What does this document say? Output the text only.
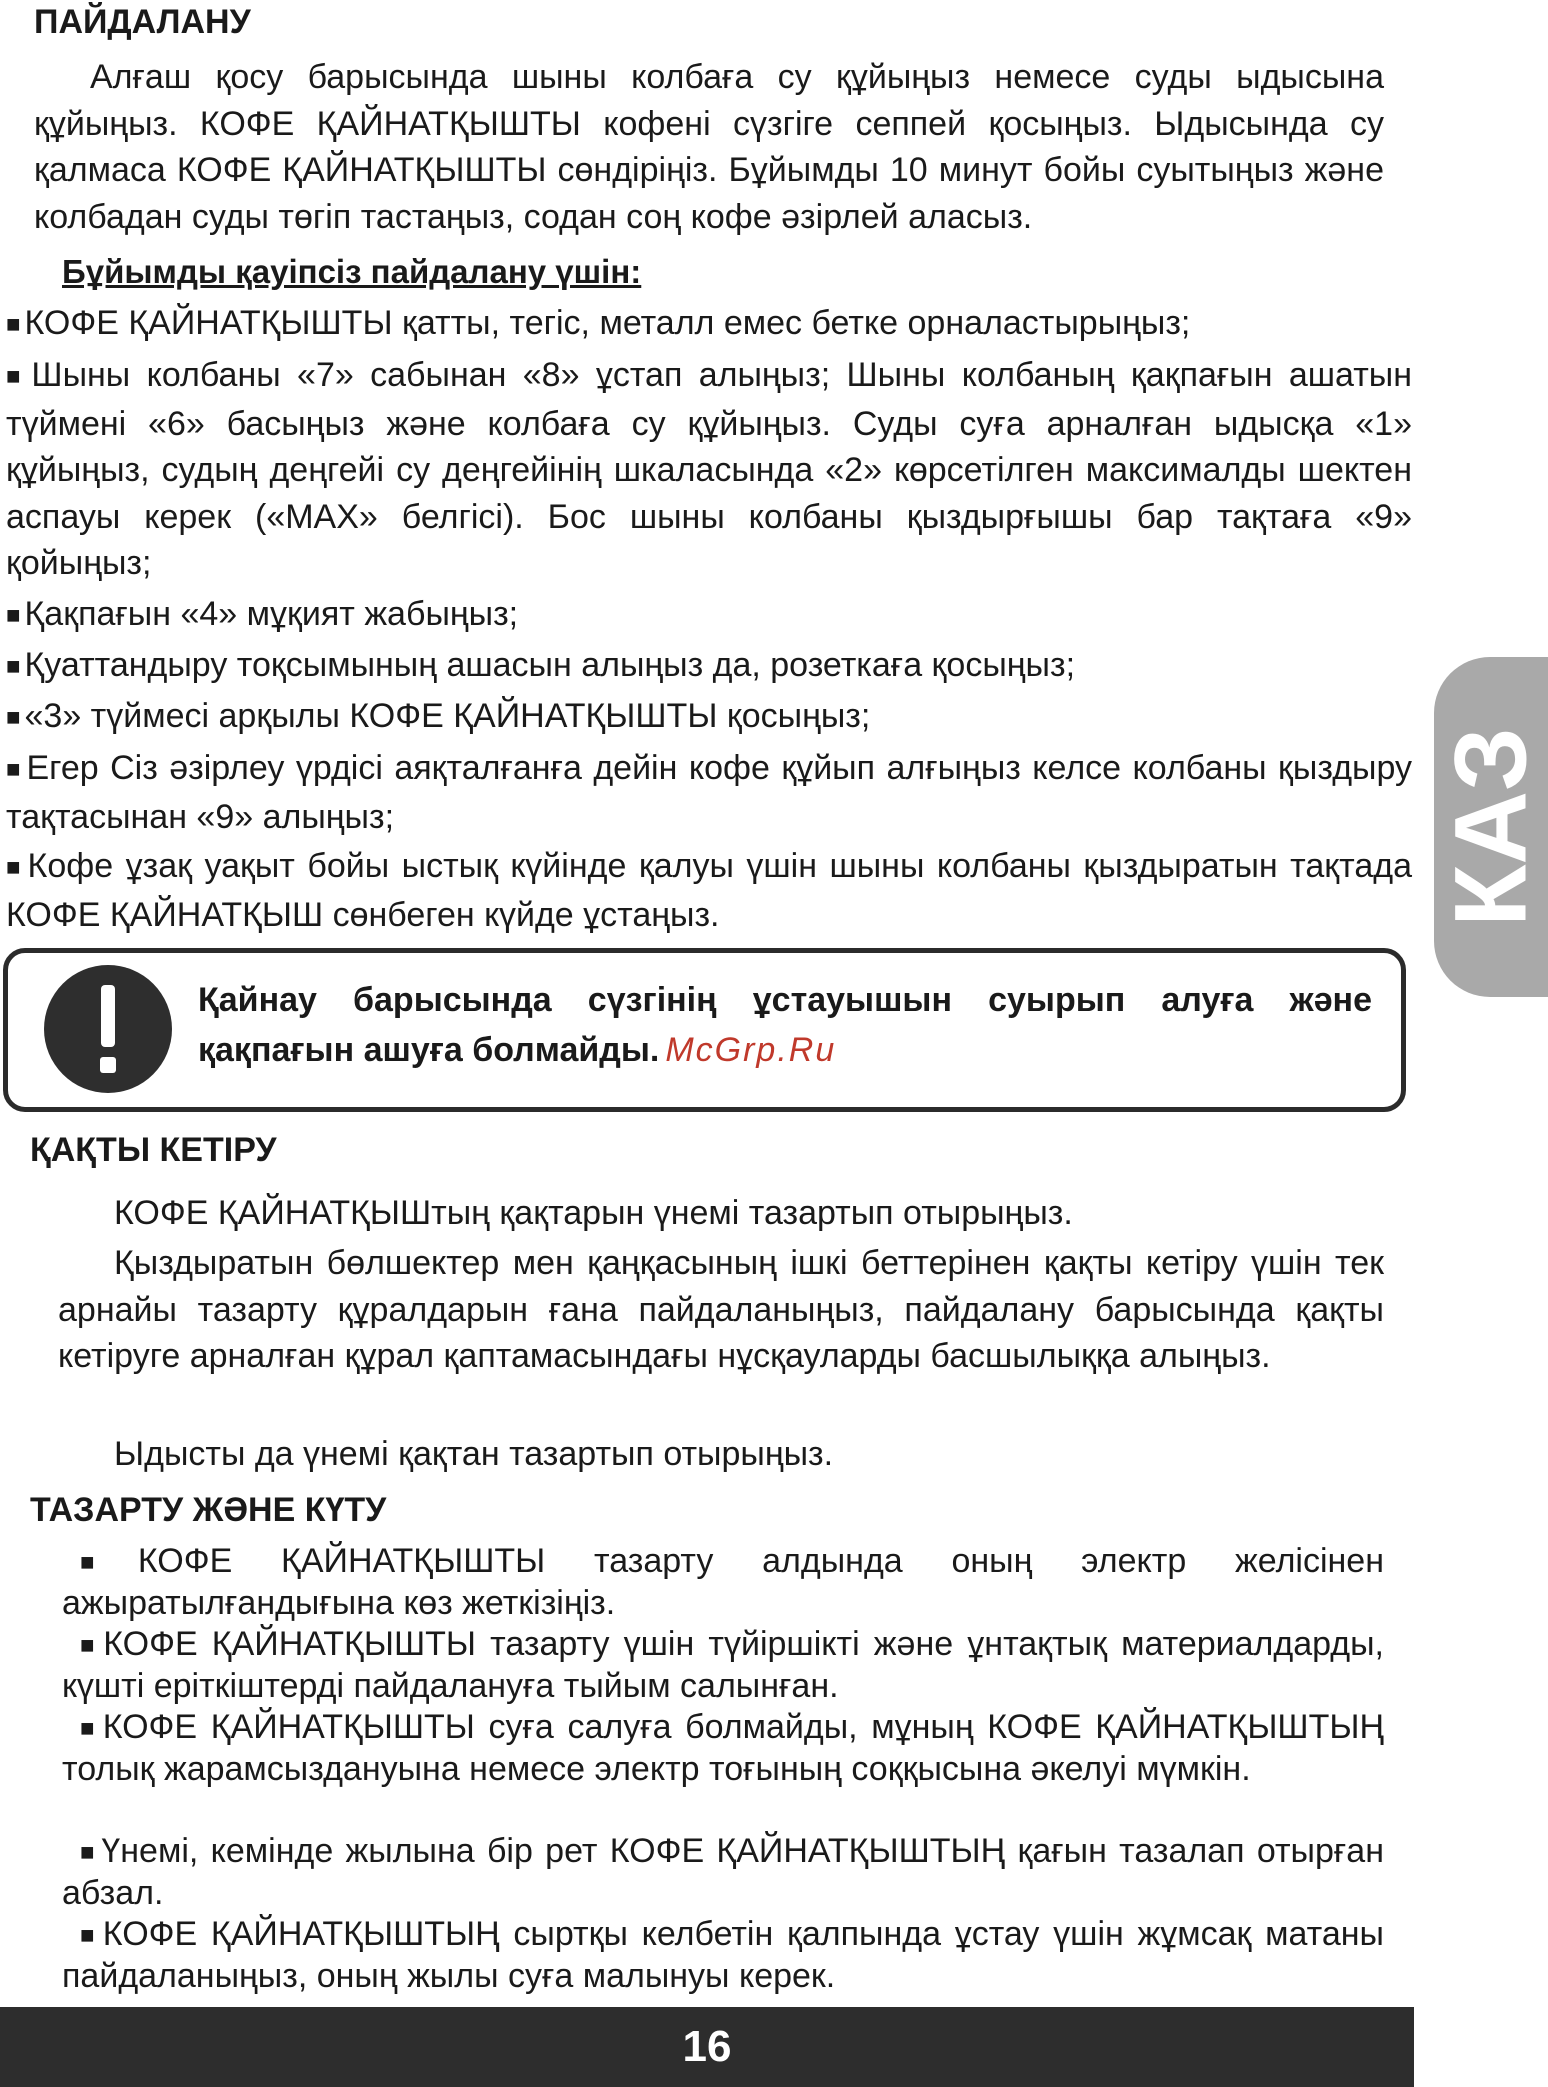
ПАЙДАЛАНУ

Алғаш қосу барысында шыны колбаға су құйыңыз немесе суды ыдысына құйыңыз. КОФЕ ҚАЙНАТҚЫШТЫ кофені сүзгіге сеппей қосыңыз. Ыдысында су қалмаса КОФЕ ҚАЙНАТҚЫШТЫ сөндіріңіз. Бұйымды 10 минут бойы суытыңыз және колбадан суды төгіп тастаңыз, содан соң кофе әзірлей аласыз.

Бұйымды қауіпсіз пайдалану үшін:

■ КОФЕ ҚАЙНАТҚЫШТЫ қатты, тегіс, металл емес бетке орналастырыңыз;

■ Шыны колбаны «7» сабынан «8» ұстап алыңыз; Шыны колбаның қақпағын ашатын түймені «6» басыңыз және колбаға су құйыңыз. Суды суға арналған ыдысқа «1» құйыңыз, судың деңгейі су деңгейінің шкаласында «2» көрсетілген максималды шектен аспауы керек («МАХ» белгісі). Бос шыны колбаны қыздырғышы бар тақтаға «9» қойыңыз;

■ Қақпағын «4» мұқият жабыңыз;

■ Қуаттандыру тоқсымының ашасын алыңыз да, розеткаға қосыңыз;

■ «3» түймесі арқылы КОФЕ ҚАЙНАТҚЫШТЫ қосыңыз;

■ Егер Сіз әзірлеу үрдісі аяқталғанға дейін кофе құйып алғыңыз келсе колбаны қыздыру тақтасынан «9» алыңыз;

■ Кофе ұзақ уақыт бойы ыстық күйінде қалуы үшін шыны колбаны қыздыратын тақтада КОФЕ ҚАЙНАТҚЫШ сөнбеген күйде ұстаңыз.

Қайнау барысында сүзгінің ұстауышын суырып алуға және қақпағын ашуға болмайды. McGrp.Ru

ҚАҚТЫ КЕТІРУ

КОФЕ ҚАЙНАТҚЫШтың қақтарын үнемі тазартып отырыңыз.

Қыздыратын бөлшектер мен қаңқасының ішкі беттерінен қақты кетіру үшін тек арнайы тазарту құралдарын ғана пайдаланыңыз, пайдалану барысында қақты кетіруге арналған құрал қаптамасындағы нұсқауларды басшылыққа алыңыз.

Ыдысты да үнемі қақтан тазартып отырыңыз.

ТАЗАРТУ ЖӘНЕ КҮТУ

■ КОФЕ ҚАЙНАТҚЫШТЫ тазарту алдында оның электр желісінен ажыратылғандығына көз жеткізіңіз.

■ КОФЕ ҚАЙНАТҚЫШТЫ тазарту үшін түйіршікті және ұнтақтық материалдарды, күшті еріткіштерді пайдалануға тыйым салынған.

■ КОФЕ ҚАЙНАТҚЫШТЫ суға салуға болмайды, мұның КОФЕ ҚАЙНАТҚЫШТЫҢ толық жарамсыздануына немесе электр тоғының соққысына әкелуі мүмкін.

■ Үнемі, кемінде жылына бір рет КОФЕ ҚАЙНАТҚЫШТЫҢ қағын тазалап отырған абзал.

■ КОФЕ ҚАЙНАТҚЫШТЫҢ сыртқы келбетін қалпында ұстау үшін жұмсақ матаны пайдаланыңыз, оның жылы суға малынуы керек.

КАЗ
16
